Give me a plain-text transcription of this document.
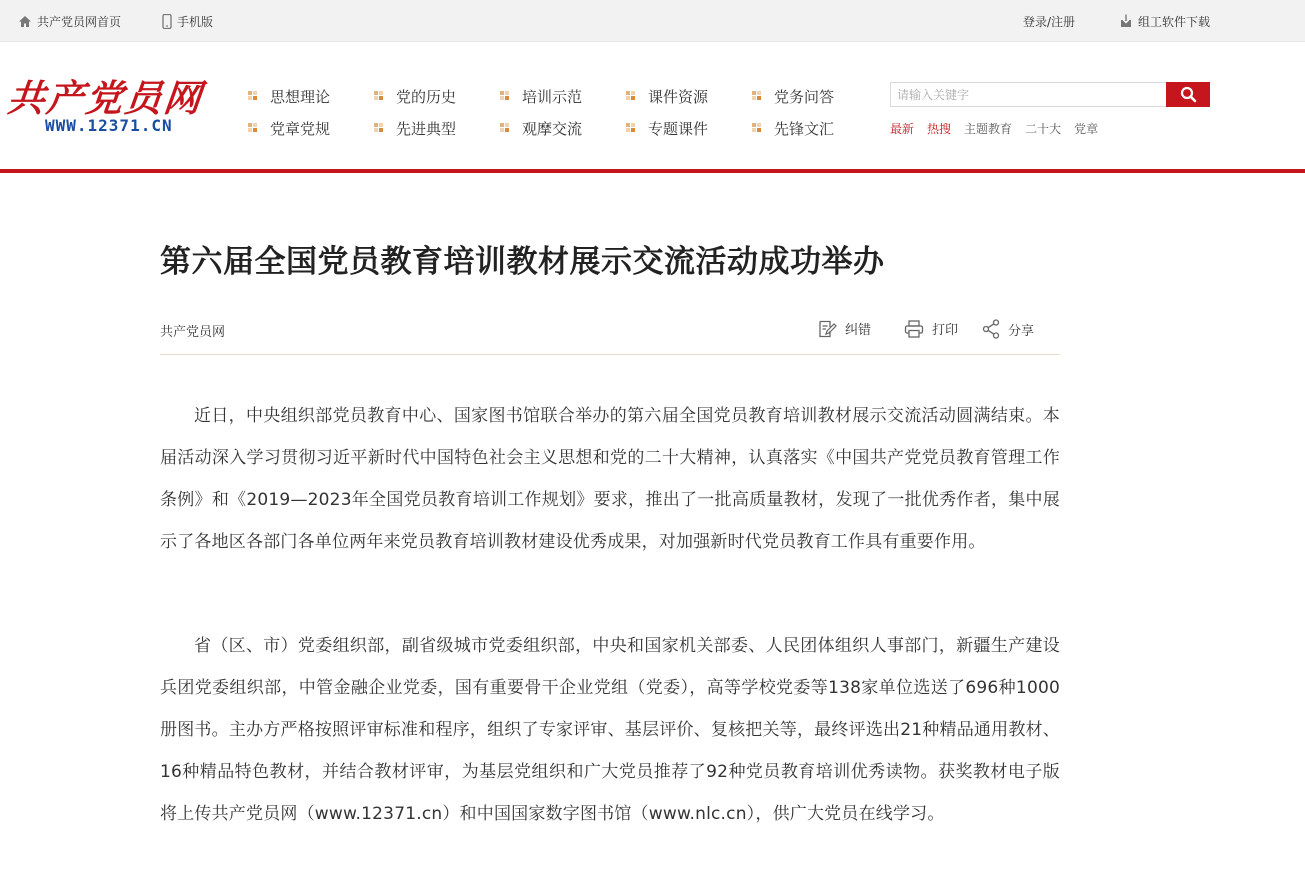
共产党员网首页	手机版	登录/注册	组工软件下载
共产党员网
WWW.12371.CN
思想理论	党的历史	培训示范	课件资源	党务问答
党章党规	先进典型	观摩交流	专题课件	先锋文汇
请输入关键字	最新 热搜 主题教育 二十大 党章
第六届全国党员教育培训教材展示交流活动成功举办
共产党员网	纠错	打印	分享

近日，中央组织部党员教育中心、国家图书馆联合举办的第六届全国党员教育培训教材展示交流活动圆满结束。本届活动深入学习贯彻习近平新时代中国特色社会主义思想和党的二十大精神，认真落实《中国共产党党员教育管理工作条例》和《2019—2023年全国党员教育培训工作规划》要求，推出了一批高质量教材，发现了一批优秀作者，集中展示了各地区各部门各单位两年来党员教育培训教材建设优秀成果，对加强新时代党员教育工作具有重要作用。

省（区、市）党委组织部，副省级城市党委组织部，中央和国家机关部委、人民团体组织人事部门，新疆生产建设兵团党委组织部，中管金融企业党委，国有重要骨干企业党组（党委），高等学校党委等138家单位选送了696种1000册图书。主办方严格按照评审标准和程序，组织了专家评审、基层评价、复核把关等，最终评选出21种精品通用教材、16种精品特色教材，并结合教材评审，为基层党组织和广大党员推荐了92种党员教育培训优秀读物。获奖教材电子版将上传共产党员网（www.12371.cn）和中国国家数字图书馆（www.nlc.cn），供广大党员在线学习。
